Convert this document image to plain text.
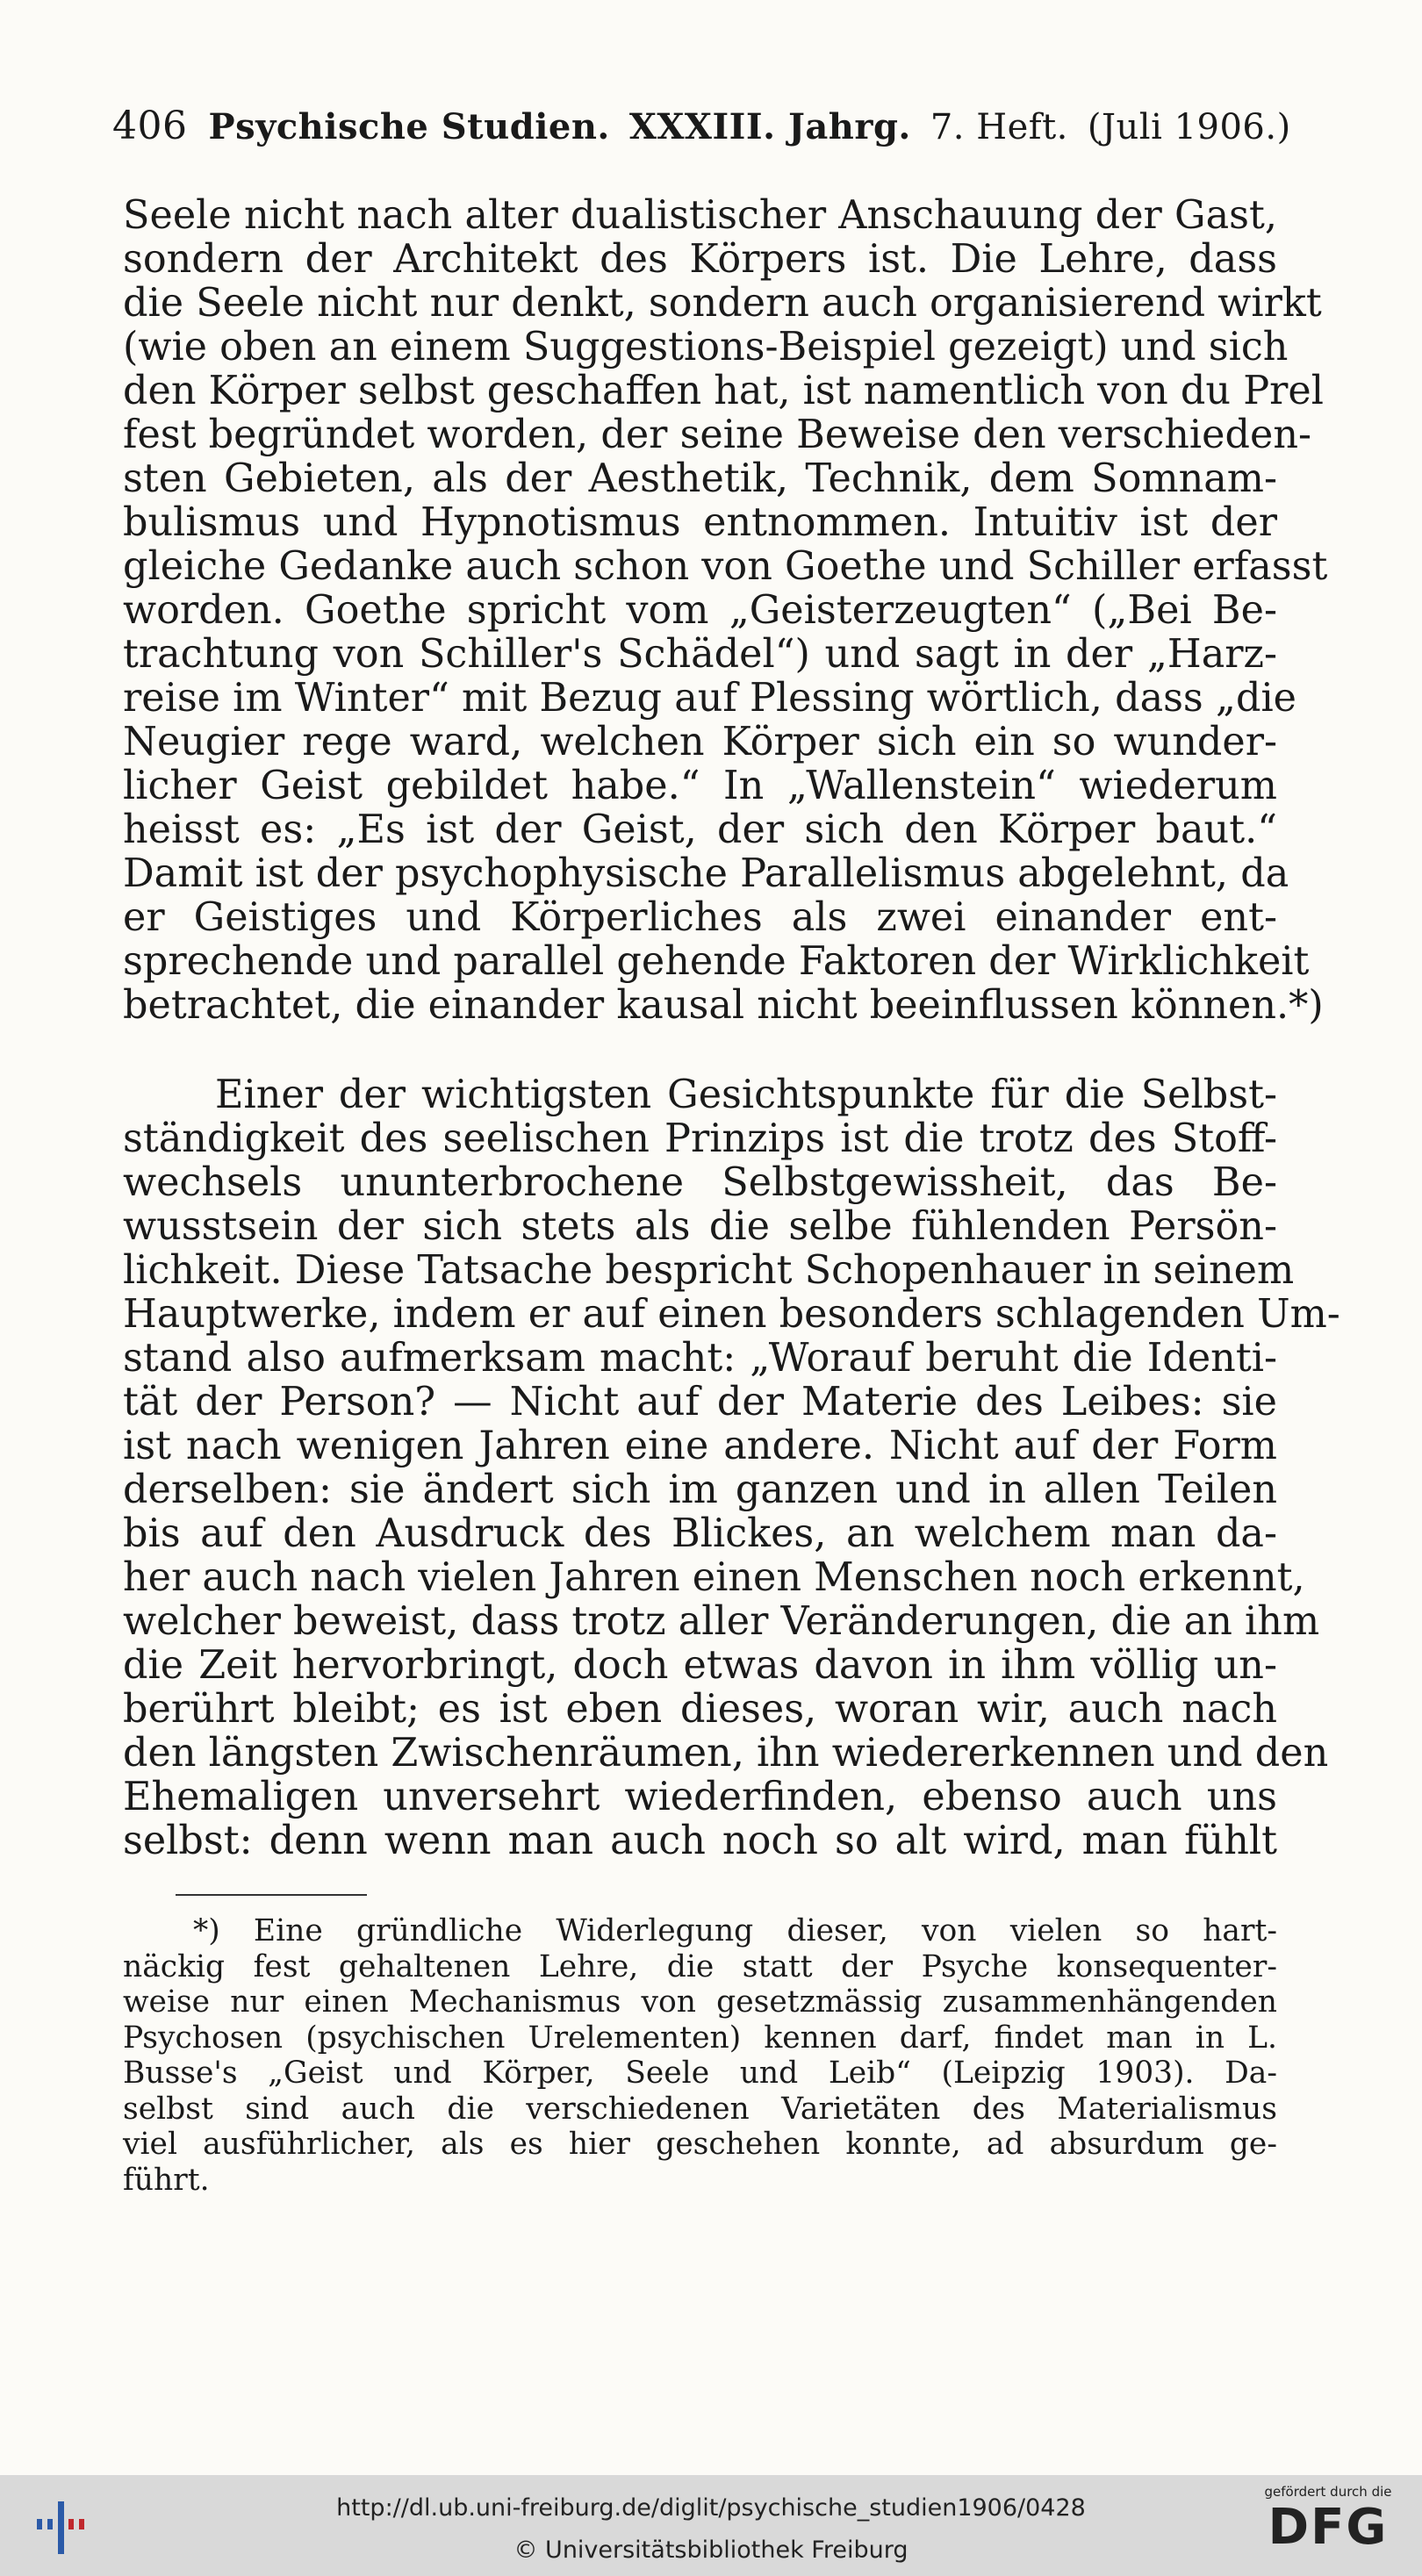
406 Psychische Studien. XXXIII. Jahrg. 7. Heft. (Juli 1906.)
Seele nicht nach alter dualistischer Anschauung der Gast,
sondern der Architekt des Körpers ist. Die Lehre, dass
die Seele nicht nur denkt, sondern auch organisierend wirkt
(wie oben an einem Suggestions-Beispiel gezeigt) und sich
den Körper selbst geschaffen hat, ist namentlich von du Prel
fest begründet worden, der seine Beweise den verschieden-
sten Gebieten, als der Aesthetik, Technik, dem Somnam-
bulismus und Hypnotismus entnommen. Intuitiv ist der
gleiche Gedanke auch schon von Goethe und Schiller erfasst
worden. Goethe spricht vom „Geisterzeugten“ („Bei Be-
trachtung von Schiller's Schädel“) und sagt in der „Harz-
reise im Winter“ mit Bezug auf Plessing wörtlich, dass „die
Neugier rege ward, welchen Körper sich ein so wunder-
licher Geist gebildet habe.“ In „Wallenstein“ wiederum
heisst es: „Es ist der Geist, der sich den Körper baut.“
Damit ist der psychophysische Parallelismus abgelehnt, da
er Geistiges und Körperliches als zwei einander ent-
sprechende und parallel gehende Faktoren der Wirklichkeit
betrachtet, die einander kausal nicht beeinflussen können.*)
Einer der wichtigsten Gesichtspunkte für die Selbst-
ständigkeit des seelischen Prinzips ist die trotz des Stoff-
wechsels ununterbrochene Selbstgewissheit, das Be-
wusstsein der sich stets als die selbe fühlenden Persön-
lichkeit. Diese Tatsache bespricht Schopenhauer in seinem
Hauptwerke, indem er auf einen besonders schlagenden Um-
stand also aufmerksam macht: „Worauf beruht die Identi-
tät der Person? — Nicht auf der Materie des Leibes: sie
ist nach wenigen Jahren eine andere. Nicht auf der Form
derselben: sie ändert sich im ganzen und in allen Teilen
bis auf den Ausdruck des Blickes, an welchem man da-
her auch nach vielen Jahren einen Menschen noch erkennt,
welcher beweist, dass trotz aller Veränderungen, die an ihm
die Zeit hervorbringt, doch etwas davon in ihm völlig un-
berührt bleibt; es ist eben dieses, woran wir, auch nach
den längsten Zwischenräumen, ihn wiedererkennen und den
Ehemaligen unversehrt wiederfinden, ebenso auch uns
selbst: denn wenn man auch noch so alt wird, man fühlt
*) Eine gründliche Widerlegung dieser, von vielen so hart-
näckig fest gehaltenen Lehre, die statt der Psyche konsequenter-
weise nur einen Mechanismus von gesetzmässig zusammenhängenden
Psychosen (psychischen Urelementen) kennen darf, findet man in L.
Busse's „Geist und Körper, Seele und Leib“ (Leipzig 1903). Da-
selbst sind auch die verschiedenen Varietäten des Materialismus
viel ausführlicher, als es hier geschehen konnte, ad absurdum ge-
führt.
http://dl.ub.uni-freiburg.de/diglit/psychische_studien1906/0428
© Universitätsbibliothek Freiburg
gefördert durch die
DFG
